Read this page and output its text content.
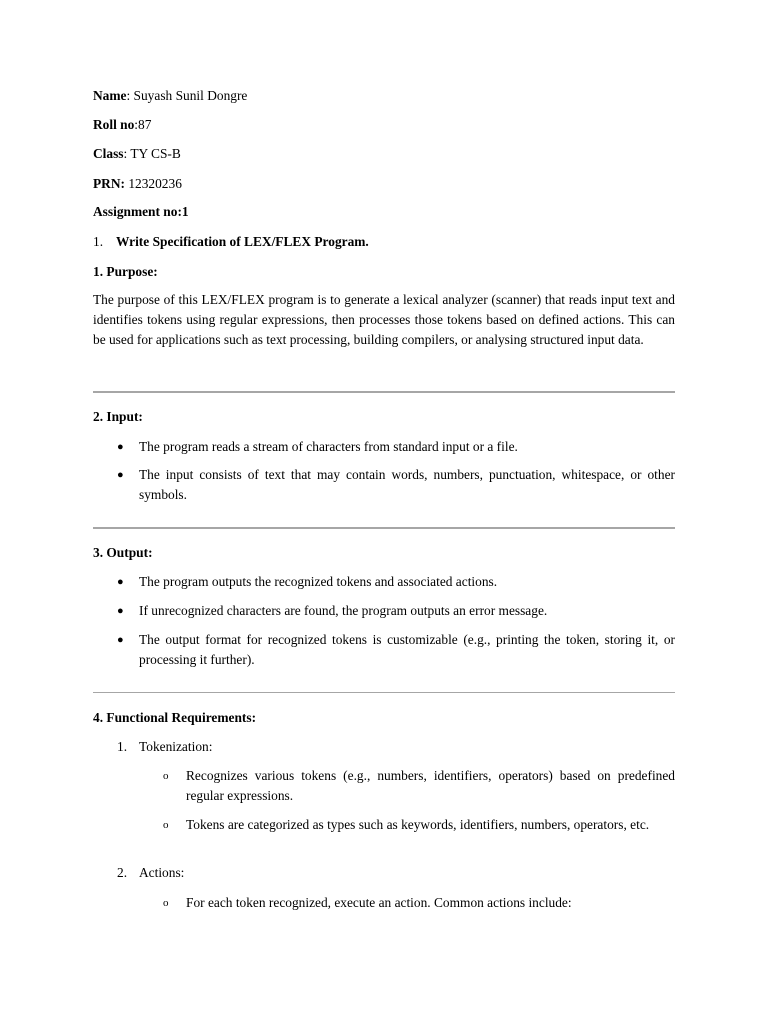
Name: Suyash Sunil Dongre
Roll no:87
Class: TY CS-B
PRN: 12320236
Assignment no:1
1. Write Specification of LEX/FLEX Program.
1. Purpose:
The purpose of this LEX/FLEX program is to generate a lexical analyzer (scanner) that reads input text and identifies tokens using regular expressions, then processes those tokens based on defined actions. This can be used for applications such as text processing, building compilers, or analysing structured input data.
2. Input:
● The program reads a stream of characters from standard input or a file.
● The input consists of text that may contain words, numbers, punctuation, whitespace, or other symbols.
3. Output:
● The program outputs the recognized tokens and associated actions.
● If unrecognized characters are found, the program outputs an error message.
● The output format for recognized tokens is customizable (e.g., printing the token, storing it, or processing it further).
4. Functional Requirements:
1. Tokenization:
o Recognizes various tokens (e.g., numbers, identifiers, operators) based on predefined regular expressions.
o Tokens are categorized as types such as keywords, identifiers, numbers, operators, etc.
2. Actions:
o For each token recognized, execute an action. Common actions include:
